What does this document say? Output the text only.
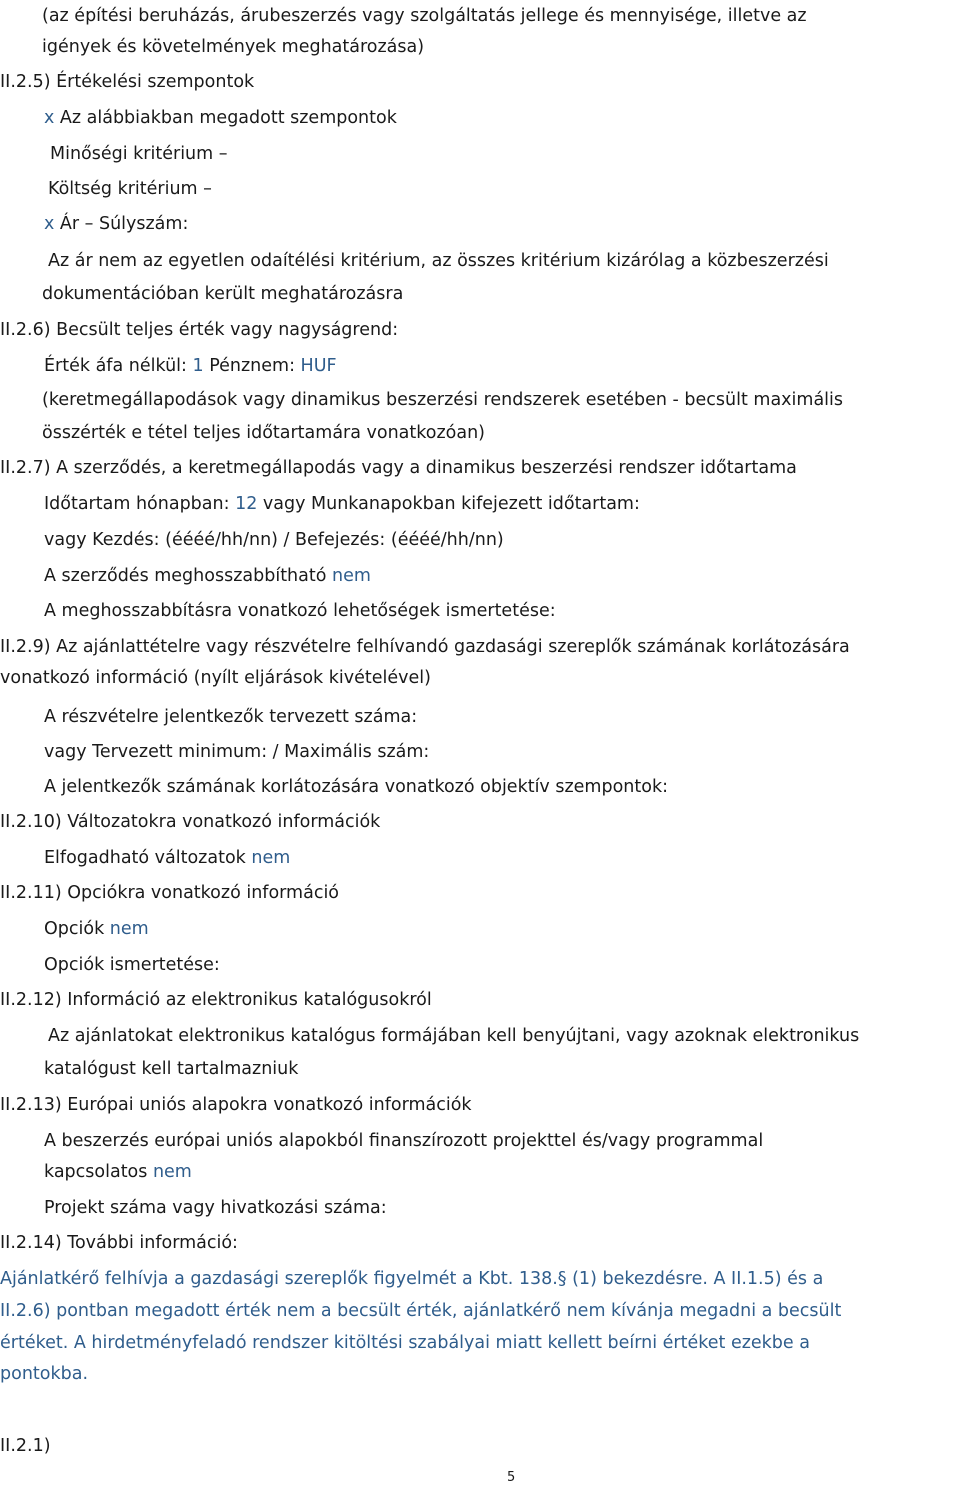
(az építési beruházás, árubeszerzés vagy szolgáltatás jellege és mennyisége, illetve az
igények és követelmények meghatározása)
II.2.5) Értékelési szempontok
x Az alábbiakban megadott szempontok
Minőségi kritérium –
Költség kritérium –
x Ár – Súlyszám:
Az ár nem az egyetlen odaítélési kritérium, az összes kritérium kizárólag a közbeszerzési
dokumentációban került meghatározásra
II.2.6) Becsült teljes érték vagy nagyságrend:
Érték áfa nélkül: 1 Pénznem: HUF
(keretmegállapodások vagy dinamikus beszerzési rendszerek esetében - becsült maximális
összérték e tétel teljes időtartamára vonatkozóan)
II.2.7) A szerződés, a keretmegállapodás vagy a dinamikus beszerzési rendszer időtartama
Időtartam hónapban: 12 vagy Munkanapokban kifejezett időtartam:
vagy Kezdés: (éééé/hh/nn) / Befejezés: (éééé/hh/nn)
A szerződés meghosszabbítható nem
A meghosszabbításra vonatkozó lehetőségek ismertetése:
II.2.9) Az ajánlattételre vagy részvételre felhívandó gazdasági szereplők számának korlátozására
vonatkozó információ (nyílt eljárások kivételével)
A részvételre jelentkezők tervezett száma:
vagy Tervezett minimum: / Maximális szám:
A jelentkezők számának korlátozására vonatkozó objektív szempontok:
II.2.10) Változatokra vonatkozó információk
Elfogadható változatok nem
II.2.11) Opciókra vonatkozó információ
Opciók nem
Opciók ismertetése:
II.2.12) Információ az elektronikus katalógusokról
Az ajánlatokat elektronikus katalógus formájában kell benyújtani, vagy azoknak elektronikus
katalógust kell tartalmazniuk
II.2.13) Európai uniós alapokra vonatkozó információk
A beszerzés európai uniós alapokból finanszírozott projekttel és/vagy programmal
kapcsolatos nem
Projekt száma vagy hivatkozási száma:
II.2.14) További információ:
Ajánlatkérő felhívja a gazdasági szereplők figyelmét a Kbt. 138.§ (1) bekezdésre. A II.1.5) és a
II.2.6) pontban megadott érték nem a becsült érték, ajánlatkérő nem kívánja megadni a becsült
értéket. A hirdetményfeladó rendszer kitöltési szabályai miatt kellett beírni értéket ezekbe a
pontokba.
II.2.1)
5
